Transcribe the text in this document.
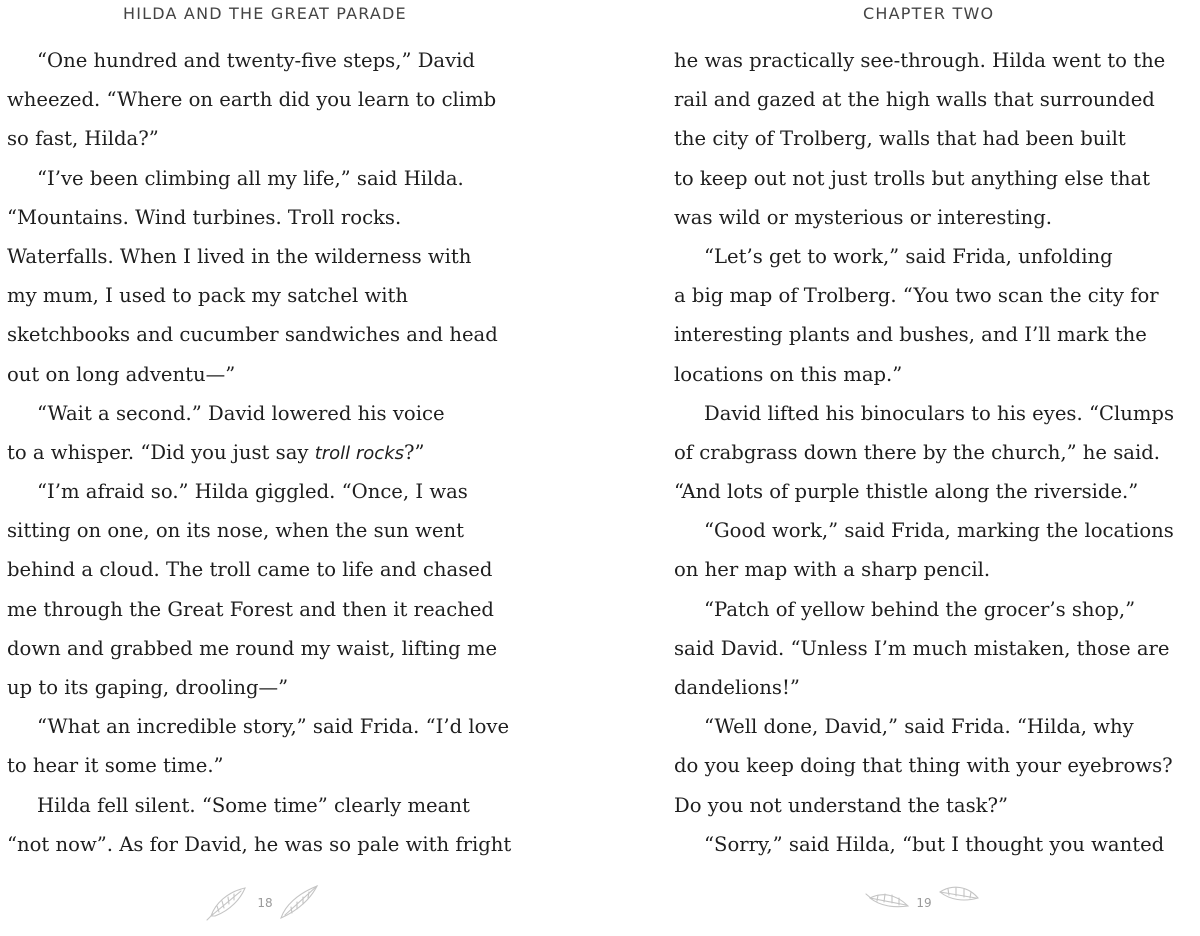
HILDA AND THE GREAT PARADE
“One hundred and twenty-five steps,” David
wheezed. “Where on earth did you learn to climb
so fast, Hilda?”
“I’ve been climbing all my life,” said Hilda.
“Mountains. Wind turbines. Troll rocks.
Waterfalls. When I lived in the wilderness with
my mum, I used to pack my satchel with
sketchbooks and cucumber sandwiches and head
out on long adventu—”
“Wait a second.” David lowered his voice
to a whisper. “Did you just say troll rocks?”
“I’m afraid so.” Hilda giggled. “Once, I was
sitting on one, on its nose, when the sun went
behind a cloud. The troll came to life and chased
me through the Great Forest and then it reached
down and grabbed me round my waist, lifting me
up to its gaping, drooling—”
“What an incredible story,” said Frida. “I’d love
to hear it some time.”
Hilda fell silent. “Some time” clearly meant
“not now”. As for David, he was so pale with fright
18
CHAPTER TWO
he was practically see-through. Hilda went to the
rail and gazed at the high walls that surrounded
the city of Trolberg, walls that had been built
to keep out not just trolls but anything else that
was wild or mysterious or interesting.
“Let’s get to work,” said Frida, unfolding
a big map of Trolberg. “You two scan the city for
interesting plants and bushes, and I’ll mark the
locations on this map.”
David lifted his binoculars to his eyes. “Clumps
of crabgrass down there by the church,” he said.
“And lots of purple thistle along the riverside.”
“Good work,” said Frida, marking the locations
on her map with a sharp pencil.
“Patch of yellow behind the grocer’s shop,”
said David. “Unless I’m much mistaken, those are
dandelions!”
“Well done, David,” said Frida. “Hilda, why
do you keep doing that thing with your eyebrows?
Do you not understand the task?”
“Sorry,” said Hilda, “but I thought you wanted
19
